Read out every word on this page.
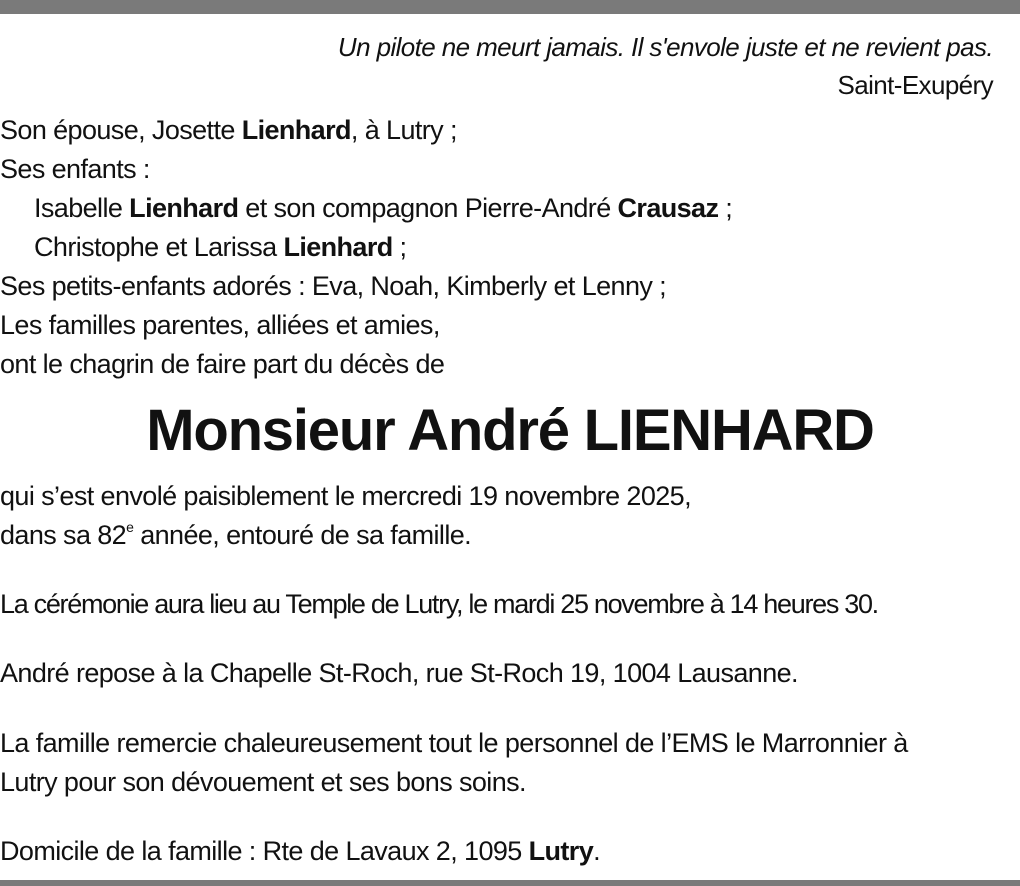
Un pilote ne meurt jamais. Il s'envole juste et ne revient pas.
Saint-Exupéry
Son épouse, Josette Lienhard, à Lutry ;
Ses enfants :
Isabelle Lienhard et son compagnon Pierre-André Crausaz ;
Christophe et Larissa Lienhard ;
Ses petits-enfants adorés : Eva, Noah, Kimberly et Lenny ;
Les familles parentes, alliées et amies,
ont le chagrin de faire part du décès de
Monsieur André LIENHARD
qui s’est envolé paisiblement le mercredi 19 novembre 2025,
dans sa 82e année, entouré de sa famille.
La cérémonie aura lieu au Temple de Lutry, le mardi 25 novembre à 14 heures 30.
André repose à la Chapelle St-Roch, rue St-Roch 19, 1004 Lausanne.
La famille remercie chaleureusement tout le personnel de l’EMS le Marronnier à
Lutry pour son dévouement et ses bons soins.
Domicile de la famille : Rte de Lavaux 2, 1095 Lutry.
